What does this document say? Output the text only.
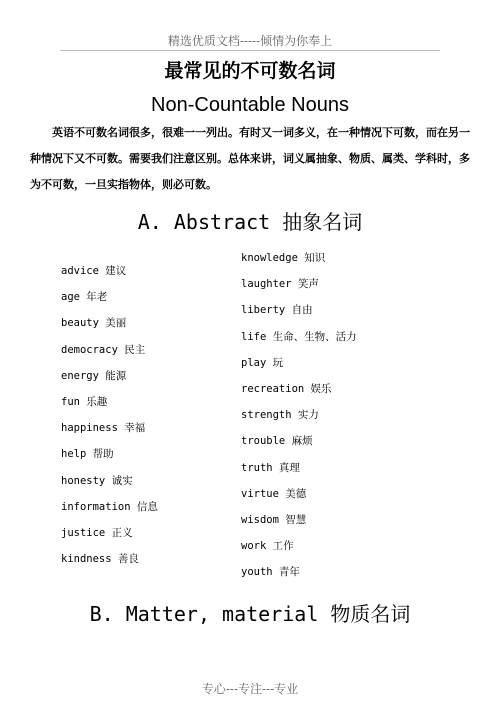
精选优质文档-----倾情为你奉上
最常见的不可数名词
Non-Countable Nouns

英语不可数名词很多，很难一一列出。有时又一词多义，在一种情况下可数，而在另一种情况下又不可数。需要我们注意区别。总体来讲，词义属抽象、物质、属类、学科时，多为不可数，一旦实指物体，则必可数。

A. Abstract 抽象名词
advice 建议
age 年老
beauty 美丽
democracy 民主
energy 能源
fun 乐趣
happiness 幸福
help 帮助
honesty 诚实
information 信息
justice 正义
kindness 善良
knowledge 知识
laughter 笑声
liberty 自由
life 生命、生物、活力
play 玩
recreation 娱乐
strength 实力
trouble 麻烦
truth 真理
virtue 美德
wisdom 智慧
work 工作
youth 青年
B. Matter, material 物质名词
专心---专注---专业
